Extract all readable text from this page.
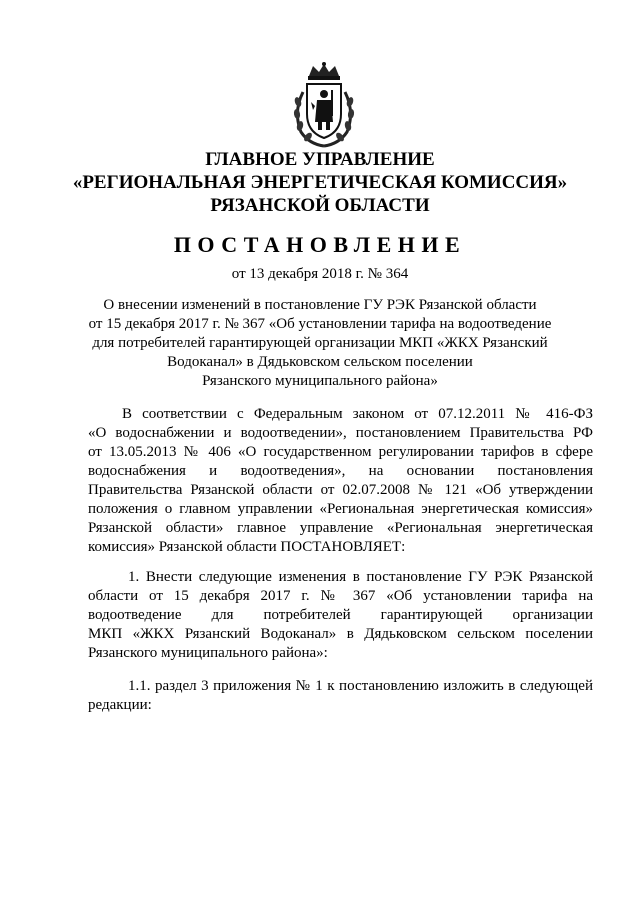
ГЛАВНОЕ УПРАВЛЕНИЕ
«РЕГИОНАЛЬНАЯ ЭНЕРГЕТИЧЕСКАЯ КОМИССИЯ»
РЯЗАНСКОЙ ОБЛАСТИ
ПОСТАНОВЛЕНИЕ
от 13 декабря 2018 г. № 364
О внесении изменений в постановление ГУ РЭК Рязанской области
от 15 декабря 2017 г. № 367 «Об установлении тарифа на водоотведение
для потребителей гарантирующей организации МКП «ЖКХ Рязанский
Водоканал» в Дядьковском сельском поселении
Рязанского муниципального района»
В соответствии с Федеральным законом от 07.12.2011 № 416-ФЗ
«О водоснабжении и водоотведении», постановлением Правительства РФ
от 13.05.2013 № 406 «О государственном регулировании тарифов в сфере
водоснабжения и водоотведения», на основании постановления
Правительства Рязанской области от 02.07.2008 № 121 «Об утверждении
положения о главном управлении «Региональная энергетическая комиссия»
Рязанской области» главное управление «Региональная энергетическая
комиссия» Рязанской области ПОСТАНОВЛЯЕТ:
1. Внести следующие изменения в постановление ГУ РЭК Рязанской
области от 15 декабря 2017 г. № 367 «Об установлении тарифа на
водоотведение для потребителей гарантирующей организации
МКП «ЖКХ Рязанский Водоканал» в Дядьковском сельском поселении
Рязанского муниципального района»:
1.1. раздел 3 приложения № 1 к постановлению изложить в следующей
редакции:
